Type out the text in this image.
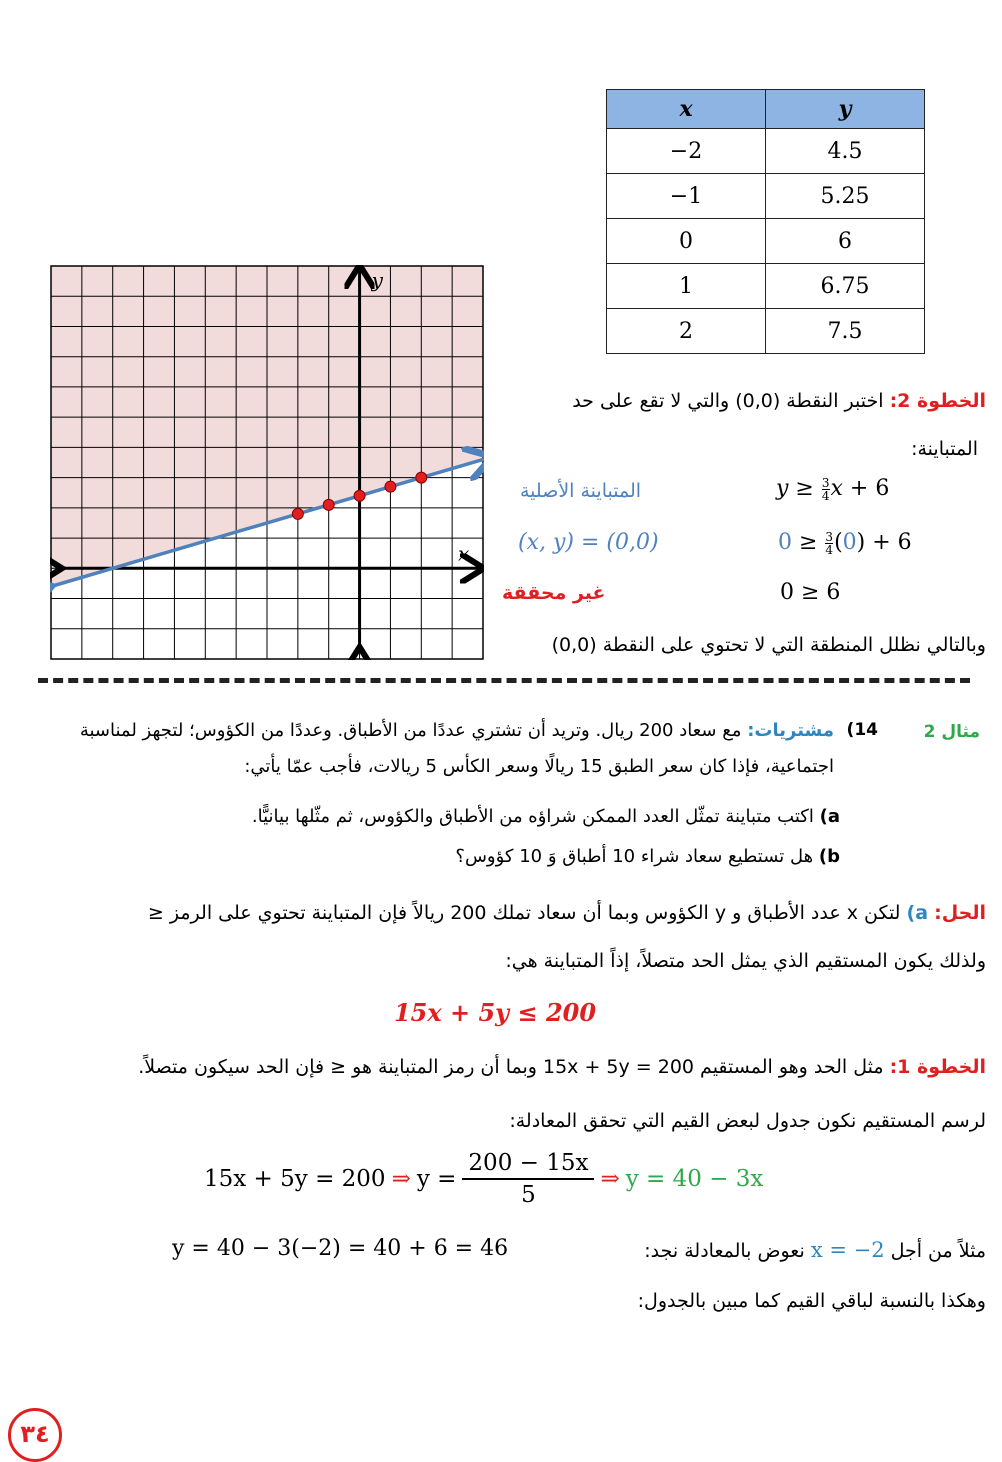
x	y
−2	4.5
−1	5.25
0	6
1	6.75
2	7.5
x
y
الخطوة 2: اختبر النقطة (0,0) والتي لا تقع على حد
المتباينة:
المتباينة الأصلية	$y \ge \frac{3}{4}$ x + 6
(x, y) = (0,0)	$0 \ge \frac{3}{4} (0) + 6$
غير محققة	0 ≥ 6
وبالتالي نظلل المنطقة التي لا تحتوي على النقطة (0,0)
مثال 2
14)
مشتريات: مع سعاد 200 ريال. وتريد أن تشتري عددًا من الأطباق. وعددًا من الكؤوس؛ لتجهز لمناسبة
اجتماعية، فإذا كان سعر الطبق 15 ريالًا وسعر الكأس 5 ريالات، فأجب عمّا يأتي:
a) اكتب متباينة تمثّل العدد الممكن شراؤه من الأطباق والكؤوس، ثم مثّلها بيانيًّا.
b) هل تستطيع سعاد شراء 10 أطباق وَ 10 كؤوس؟
الحل: a) لتكن x عدد الأطباق و y الكؤوس وبما أن سعاد تملك 200 ريالاً فإن المتباينة تحتوي على الرمز ≤
ولذلك يكون المستقيم الذي يمثل الحد متصلاً، إذاً المتباينة هي:
15x + 5y ≤ 200
الخطوة 1: مثل الحد وهو المستقيم 15x + 5y = 200 وبما أن رمز المتباينة هو ≤ فإن الحد سيكون متصلاً.
لرسم المستقيم نكون جدول لبعض القيم التي تحقق المعادلة:
15x + 5y = 200 ⇒ $y = \frac{200 - 15x}{5}$ ⇒ y = 40 − 3x
مثلاً من أجل x = −2 نعوض بالمعادلة نجد:
y = 40 − 3(−2) = 40 + 6 = 46
وهكذا بالنسبة لباقي القيم كما مبين بالجدول:
٣٤
